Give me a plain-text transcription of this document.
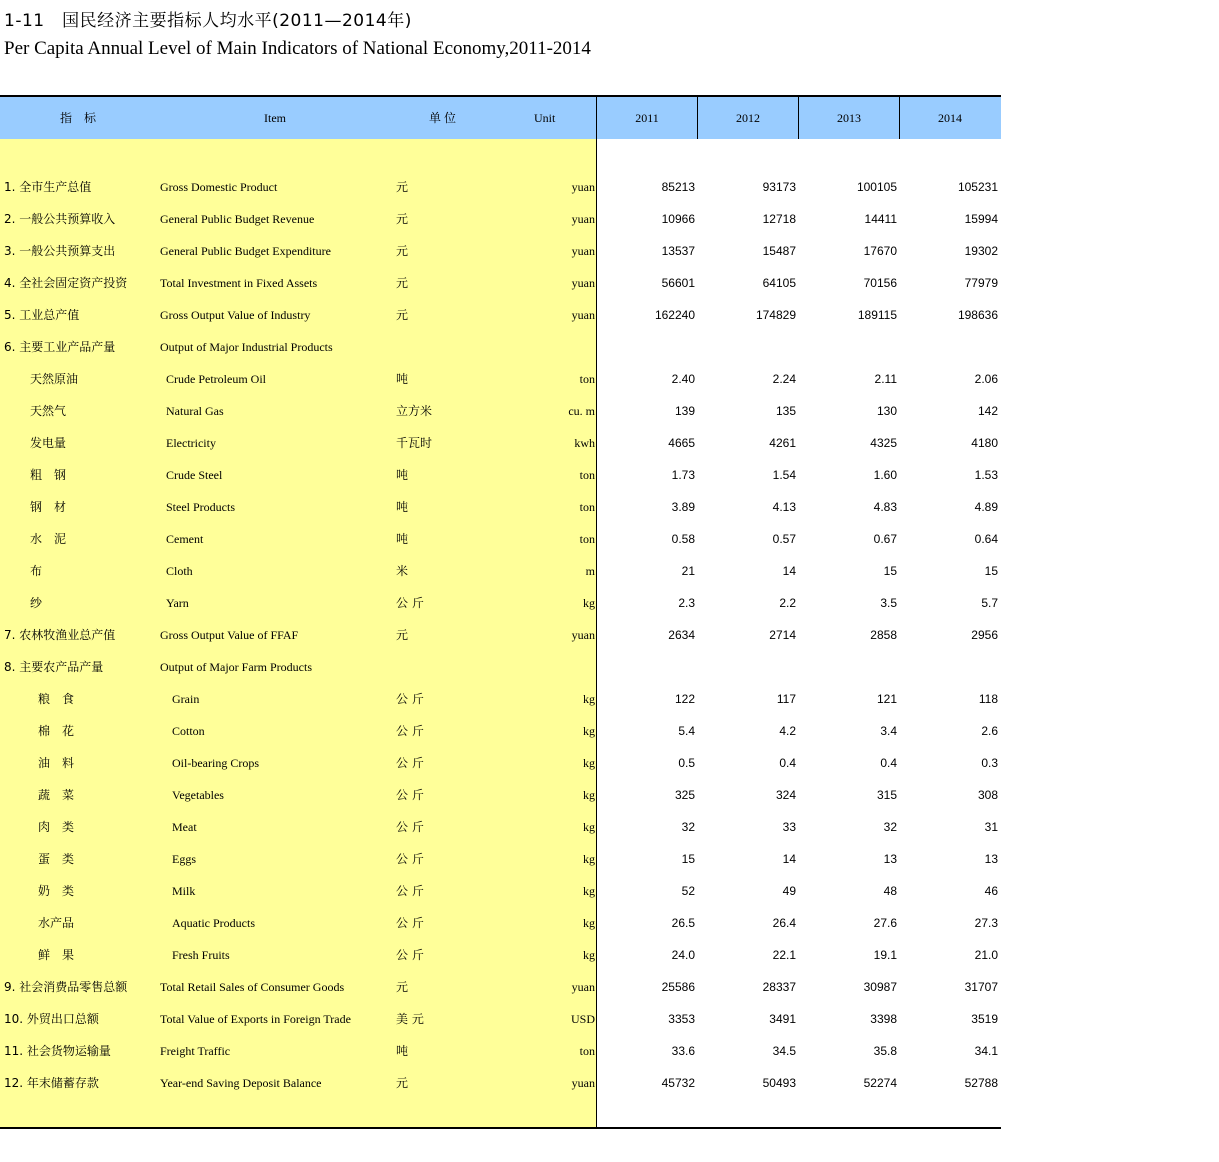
1-11　国民经济主要指标人均水平(2011—2014年)
Per Capita Annual Level of Main Indicators of National Economy,2011-2014
指　标	Item	单 位	Unit	2011	2012	2013	2014
1. 全市生产总值	Gross Domestic Product	元	yuan	85213	93173	100105	105231
2. 一般公共预算收入	General Public Budget Revenue	元	yuan	10966	12718	14411	15994
3. 一般公共预算支出	General Public Budget Expenditure	元	yuan	13537	15487	17670	19302
4. 全社会固定资产投资	Total Investment in Fixed Assets	元	yuan	56601	64105	70156	77979
5. 工业总产值	Gross Output Value of Industry	元	yuan	162240	174829	189115	198636
6. 主要工业产品产量	Output of Major Industrial Products
天然原油	Crude Petroleum Oil	吨	ton	2.40	2.24	2.11	2.06
天然气	Natural Gas	立方米	cu. m	139	135	130	142
发电量	Electricity	千瓦时	kwh	4665	4261	4325	4180
粗　钢	Crude Steel	吨	ton	1.73	1.54	1.60	1.53
钢　材	Steel Products	吨	ton	3.89	4.13	4.83	4.89
水　泥	Cement	吨	ton	0.58	0.57	0.67	0.64
布	Cloth	米	m	21	14	15	15
纱	Yarn	公 斤	kg	2.3	2.2	3.5	5.7
7. 农林牧渔业总产值	Gross Output Value of FFAF	元	yuan	2634	2714	2858	2956
8. 主要农产品产量	Output of Major Farm Products
粮　食	Grain	公 斤	kg	122	117	121	118
棉　花	Cotton	公 斤	kg	5.4	4.2	3.4	2.6
油　料	Oil-bearing Crops	公 斤	kg	0.5	0.4	0.4	0.3
蔬　菜	Vegetables	公 斤	kg	325	324	315	308
肉　类	Meat	公 斤	kg	32	33	32	31
蛋　类	Eggs	公 斤	kg	15	14	13	13
奶　类	Milk	公 斤	kg	52	49	48	46
水产品	Aquatic Products	公 斤	kg	26.5	26.4	27.6	27.3
鲜　果	Fresh Fruits	公 斤	kg	24.0	22.1	19.1	21.0
9. 社会消费品零售总额	Total Retail Sales of Consumer Goods	元	yuan	25586	28337	30987	31707
10. 外贸出口总额	Total Value of Exports in Foreign Trade	美 元	USD	3353	3491	3398	3519
11. 社会货物运输量	Freight Traffic	吨	ton	33.6	34.5	35.8	34.1
12. 年末储蓄存款	Year-end Saving Deposit Balance	元	yuan	45732	50493	52274	52788
